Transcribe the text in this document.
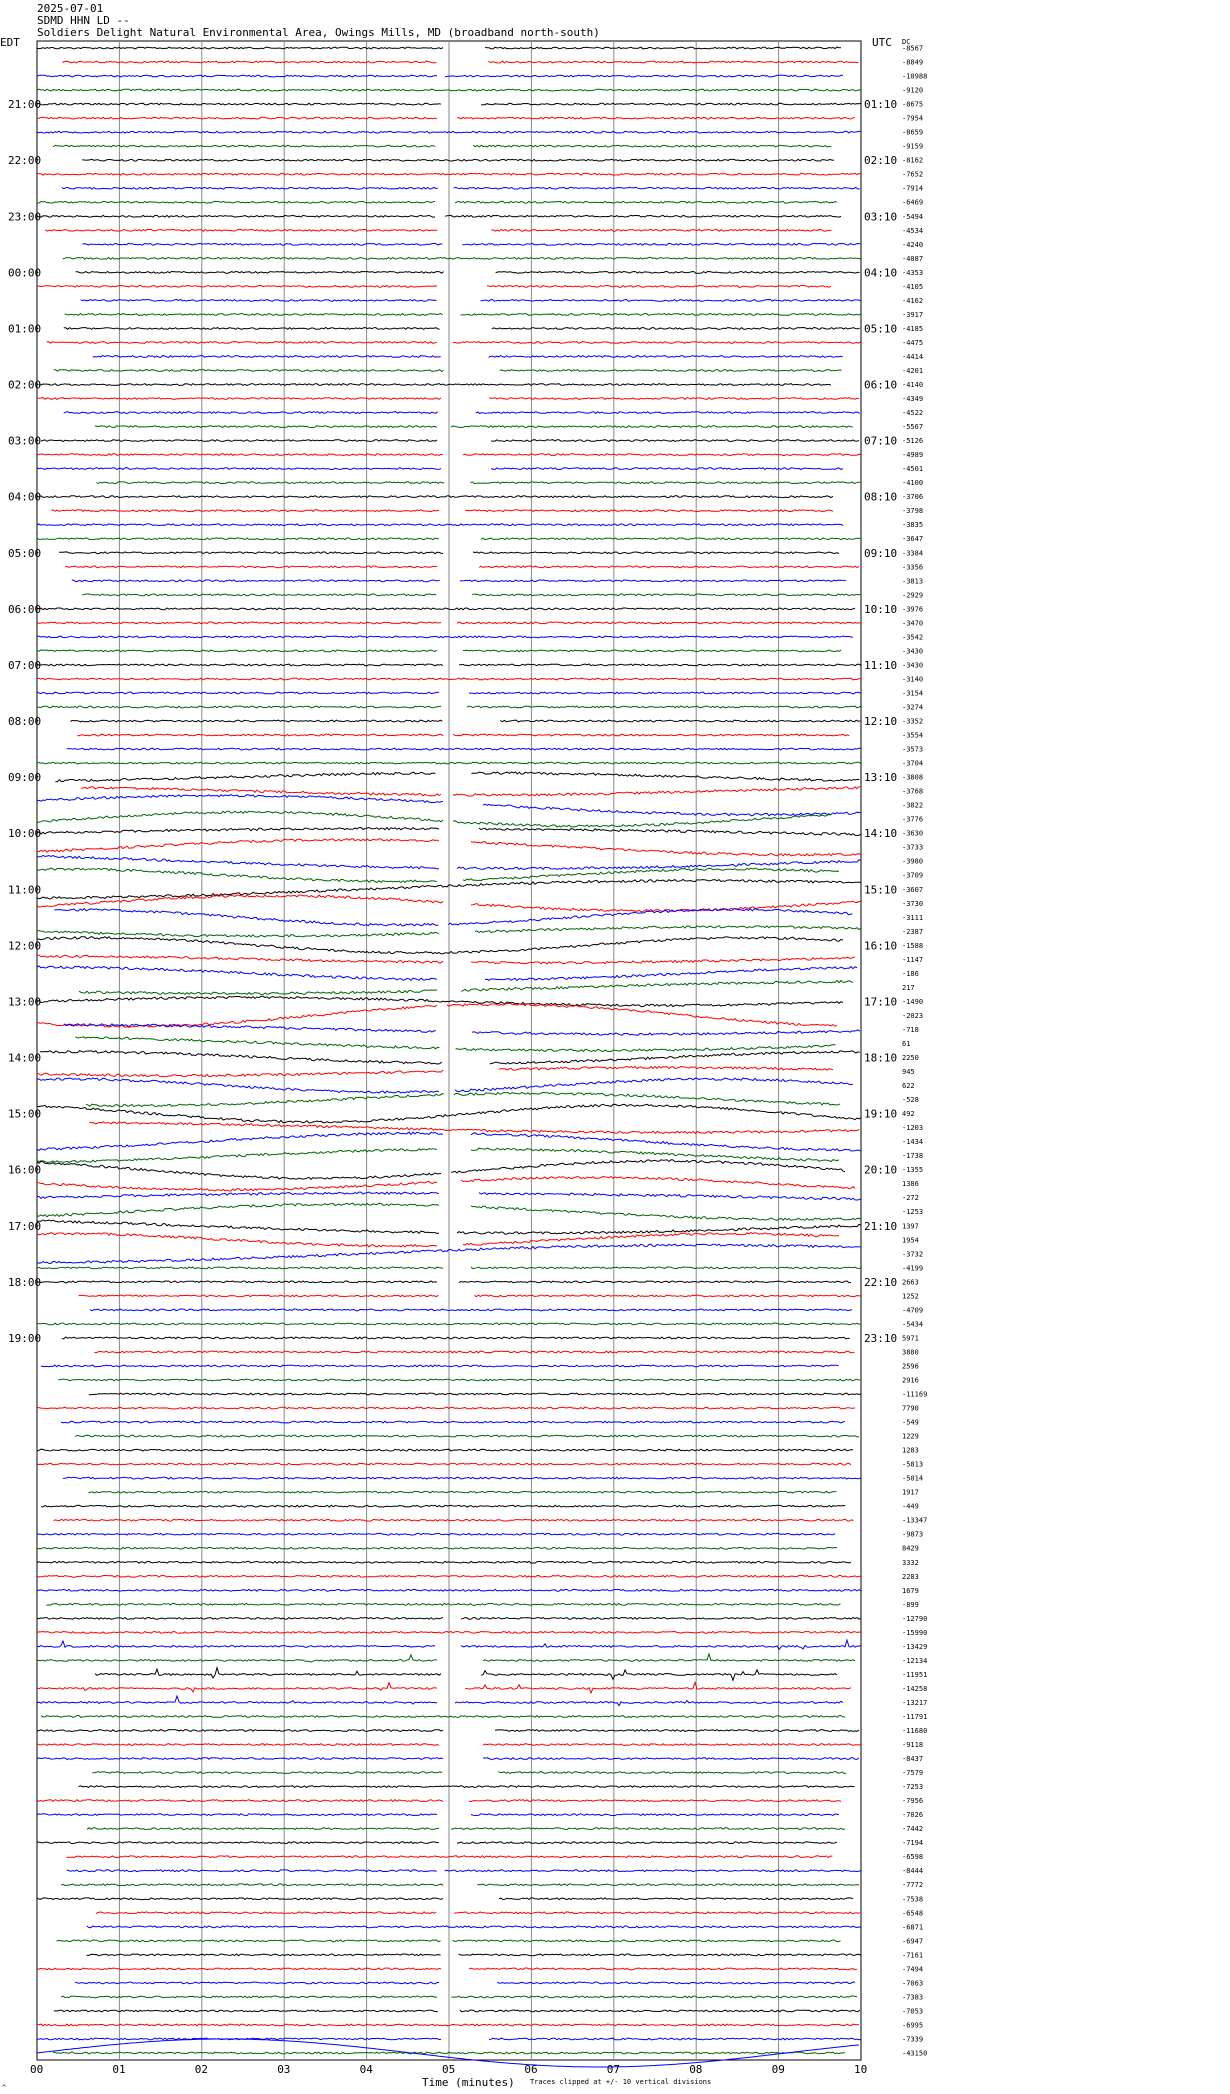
2025-07-01
SDMD HHN LD --
Soldiers Delight Natural Environmental Area, Owings Mills, MD (broadband north-south)
-8567
-8849
-10988
-9120
-8675
-7954
-8659
-9159
-8162
-7652
-7914
-6469
-5494
-4534
-4240
-4087
-4353
-4105
-4162
-3917
-4185
-4475
-4414
-4201
-4140
-4349
-4522
-5567
-5126
-4989
-4501
-4100
-3706
-3798
-3835
-3647
-3384
-3356
-3813
-2929
-3976
-3470
-3542
-3430
-3430
-3140
-3154
-3274
-3352
-3554
-3573
-3704
-3808
-3768
-3822
-3776
-3630
-3733
-3980
-3709
-3607
-3730
-3111
-2387
-1588
-1147
-186
217
-1490
-2023
-718
61
2250
945
622
-528
492
-1203
-1434
-1738
-1355
1386
-272
-1253
1397
1954
-3732
-4199
2663
1252
-4709
-5434
5971
3880
2596
2916
-11169
7790
-549
1229
1283
-5813
-5014
1917
-449
-13347
-9873
8429
3332
2283
1679
-899
-12790
-15990
-13429
-12134
-11951
-14258
-13217
-11791
-11680
-9118
-8437
-7579
-7253
-7956
-7026
-7442
-7194
-6598
-8444
-7772
-7538
-6548
-6871
-6947
-7161
-7494
-7063
-7383
-7053
-6995
-7339
-43150
21:00
22:00
23:00
00:00
01:00
02:00
03:00
04:00
05:00
06:00
07:00
08:00
09:00
10:00
11:00
12:00
13:00
14:00
15:00
16:00
17:00
18:00
19:00
01:10
02:10
03:10
04:10
05:10
06:10
07:10
08:10
09:10
10:10
11:10
12:10
13:10
14:10
15:10
16:10
17:10
18:10
19:10
20:10
21:10
22:10
23:10
00	01	02	03	04	05	06	07	08	09	10
EDT	UTC DC
^	Time (minutes) Traces clipped at +/- 10 vertical divisions
